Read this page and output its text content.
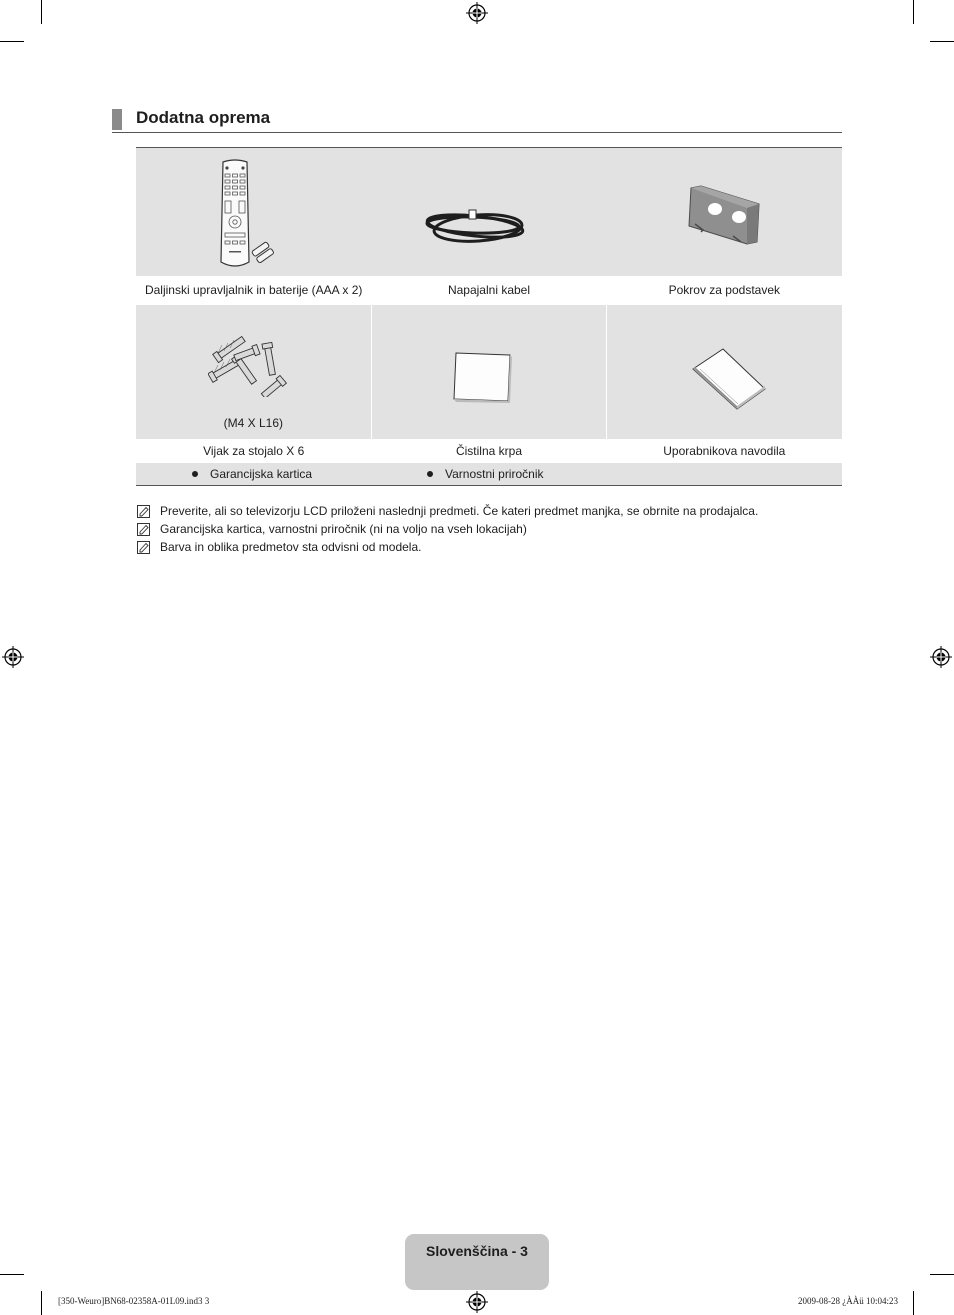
Dodatna oprema
Daljinski upravljalnik in baterije (AAA x 2)	Napajalni kabel	Pokrov za podstavek
(M4 X L16)
Vijak za stojalo X 6	Čistilna krpa	Uporabnikova navodila
Garancijska kartica	Varnostni priročnik
Preverite, ali so televizorju LCD priloženi naslednji predmeti. Če kateri predmet manjka, se obrnite na prodajalca.
Garancijska kartica, varnostni priročnik (ni na voljo na vseh lokacijah)
Barva in oblika predmetov sta odvisni od modela.
Slovenščina - 3
[350-Weuro]BN68-02358A-01L09.ind3 3	2009-08-28 ¿ÀÀü 10:04:23
